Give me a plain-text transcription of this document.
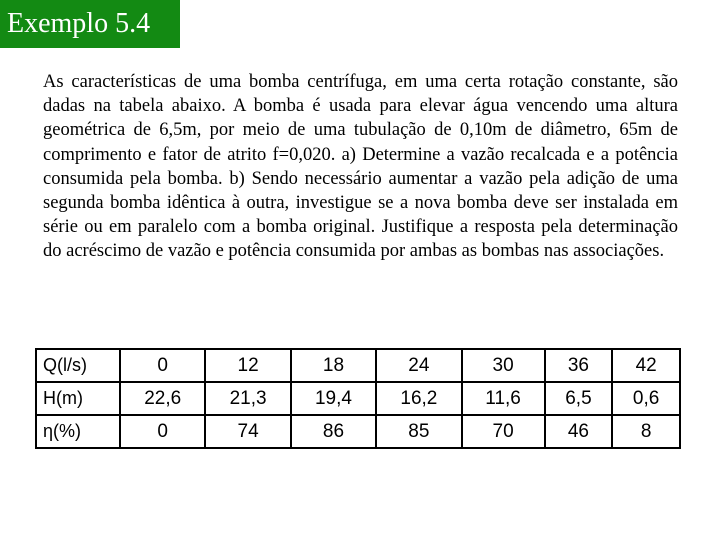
Exemplo 5.4

As características de uma bomba centrífuga, em uma certa rotação constante, são dadas na tabela abaixo. A bomba é usada para elevar água vencendo uma altura geométrica de 6,5m, por meio de uma tubulação de 0,10m de diâmetro, 65m de comprimento e fator de atrito f=0,020. a) Determine a vazão recalcada e a potência consumida pela bomba. b) Sendo necessário aumentar a vazão pela adição de uma segunda bomba idêntica à outra, investigue se a nova bomba deve ser instalada em série ou em paralelo com a bomba original. Justifique a resposta pela determinação do acréscimo de vazão e potência consumida por ambas as bombas nas associações.

Q(l/s)	0	12	18	24	30	36	42
H(m)	22,6	21,3	19,4	16,2	11,6	6,5	0,6
η(%)	0	74	86	85	70	46	8
